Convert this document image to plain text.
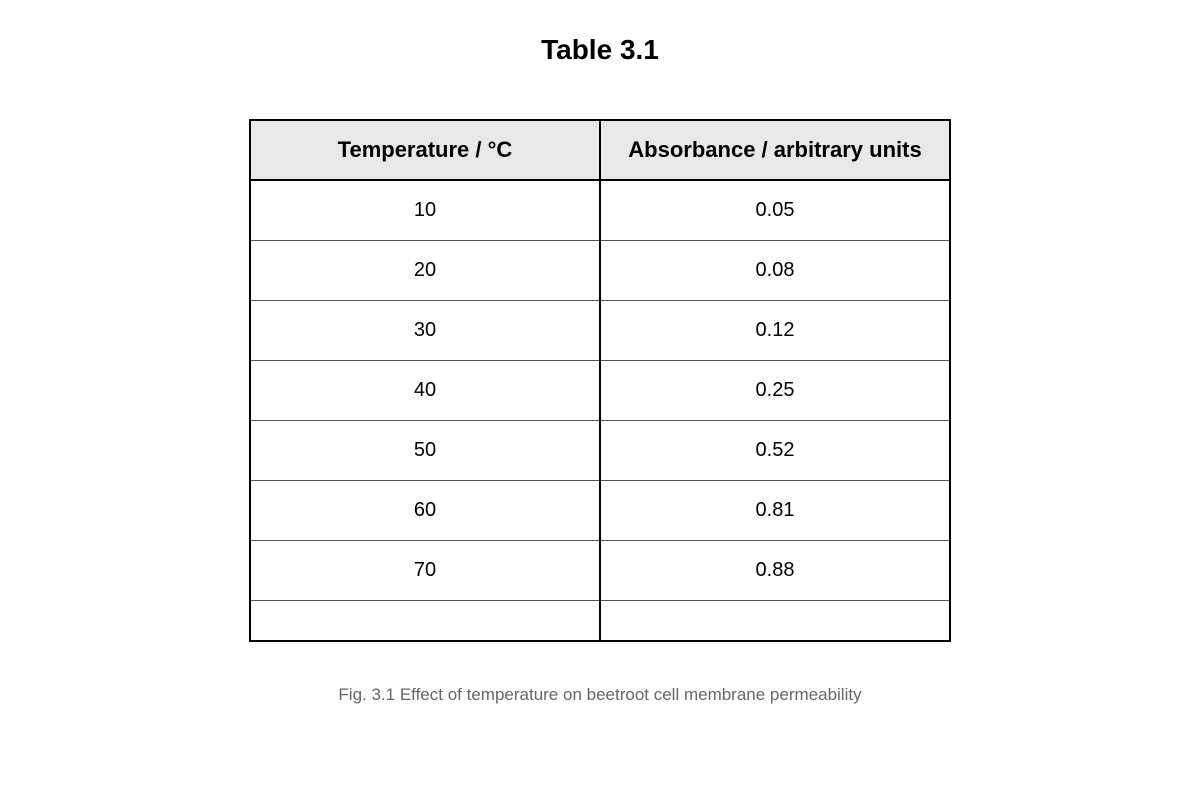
Table 3.1
Temperature / °C	Absorbance / arbitrary units
10	0.05
20	0.08
30	0.12
40	0.25
50	0.52
60	0.81
70	0.88

Fig. 3.1 Effect of temperature on beetroot cell membrane permeability
